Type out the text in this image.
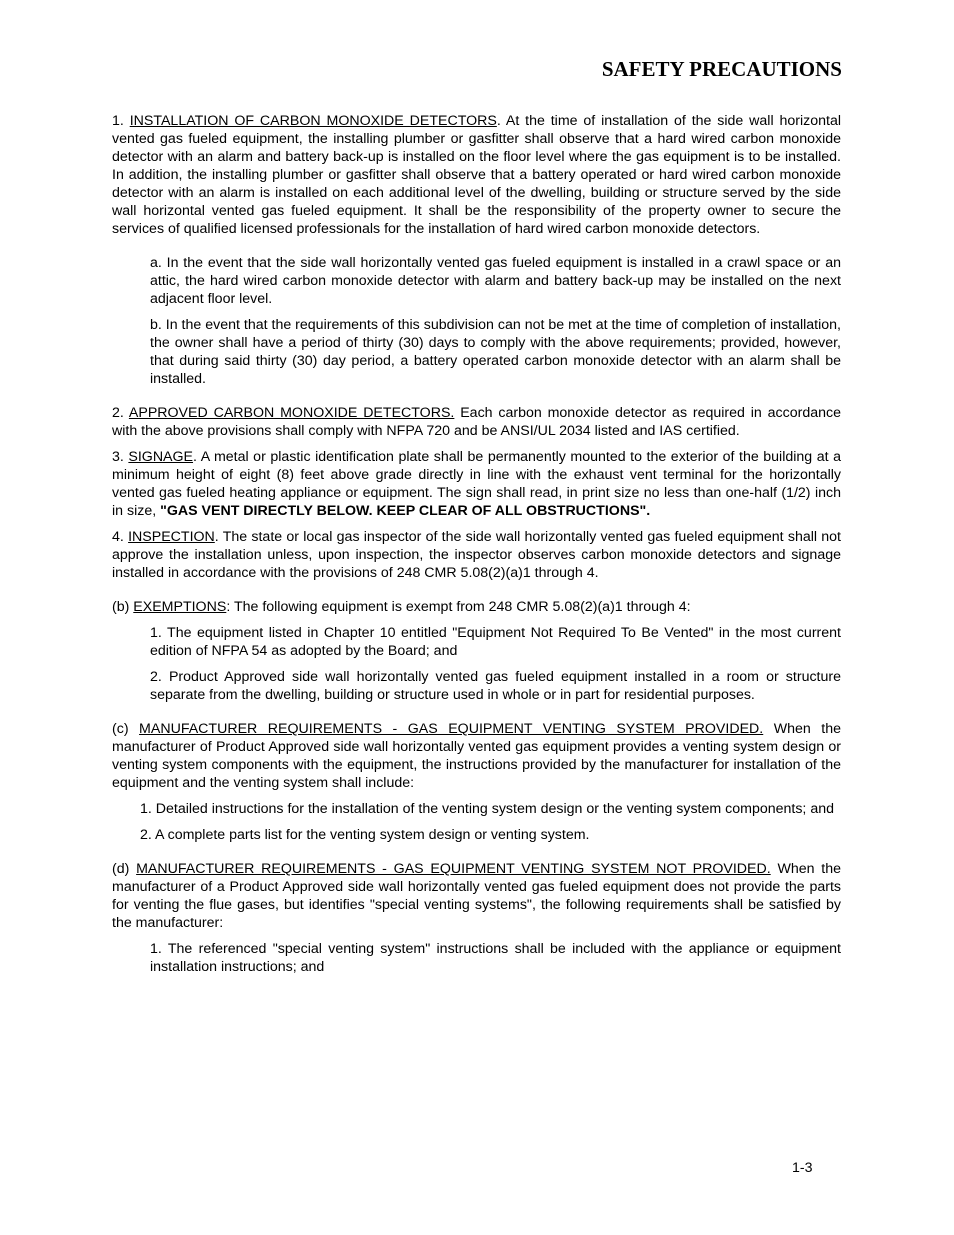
SAFETY PRECAUTIONS

1. INSTALLATION OF CARBON MONOXIDE DETECTORS. At the time of installation of the side wall horizontal vented gas fueled equipment, the installing plumber or gasfitter shall observe that a hard wired carbon monoxide detector with an alarm and battery back-up is installed on the floor level where the gas equipment is to be installed. In addition, the installing plumber or gasfitter shall observe that a battery operated or hard wired carbon monoxide detector with an alarm is installed on each additional level of the dwelling, building or structure served by the side wall horizontal vented gas fueled equipment. It shall be the responsibility of the property owner to secure the services of qualified licensed professionals for the installation of hard wired carbon monoxide detectors.

a. In the event that the side wall horizontally vented gas fueled equipment is installed in a crawl space or an attic, the hard wired carbon monoxide detector with alarm and battery back-up may be installed on the next adjacent floor level.

b. In the event that the requirements of this subdivision can not be met at the time of completion of installation, the owner shall have a period of thirty (30) days to comply with the above requirements; provided, however, that during said thirty (30) day period, a battery operated carbon monoxide detector with an alarm shall be installed.

2. APPROVED CARBON MONOXIDE DETECTORS. Each carbon monoxide detector as required in accordance with the above provisions shall comply with NFPA 720 and be ANSI/UL 2034 listed and IAS certified.

3. SIGNAGE. A metal or plastic identification plate shall be permanently mounted to the exterior of the building at a minimum height of eight (8) feet above grade directly in line with the exhaust vent terminal for the horizontally vented gas fueled heating appliance or equipment. The sign shall read, in print size no less than one-half (1/2) inch in size, "GAS VENT DIRECTLY BELOW. KEEP CLEAR OF ALL OBSTRUCTIONS".

4. INSPECTION. The state or local gas inspector of the side wall horizontally vented gas fueled equipment shall not approve the installation unless, upon inspection, the inspector observes carbon monoxide detectors and signage installed in accordance with the provisions of 248 CMR 5.08(2)(a)1 through 4.

(b) EXEMPTIONS: The following equipment is exempt from 248 CMR 5.08(2)(a)1 through 4:

1. The equipment listed in Chapter 10 entitled "Equipment Not Required To Be Vented" in the most current edition of NFPA 54 as adopted by the Board; and

2. Product Approved side wall horizontally vented gas fueled equipment installed in a room or structure separate from the dwelling, building or structure used in whole or in part for residential purposes.

(c) MANUFACTURER REQUIREMENTS - GAS EQUIPMENT VENTING SYSTEM PROVIDED. When the manufacturer of Product Approved side wall horizontally vented gas equipment provides a venting system design or venting system components with the equipment, the instructions provided by the manufacturer for installation of the equipment and the venting system shall include:

1. Detailed instructions for the installation of the venting system design or the venting system components; and

2. A complete parts list for the venting system design or venting system.

(d) MANUFACTURER REQUIREMENTS - GAS EQUIPMENT VENTING SYSTEM NOT PROVIDED. When the manufacturer of a Product Approved side wall horizontally vented gas fueled equipment does not provide the parts for venting the flue gases, but identifies "special venting systems", the following requirements shall be satisfied by the manufacturer:

1. The referenced "special venting system" instructions shall be included with the appliance or equipment installation instructions; and

1-3
